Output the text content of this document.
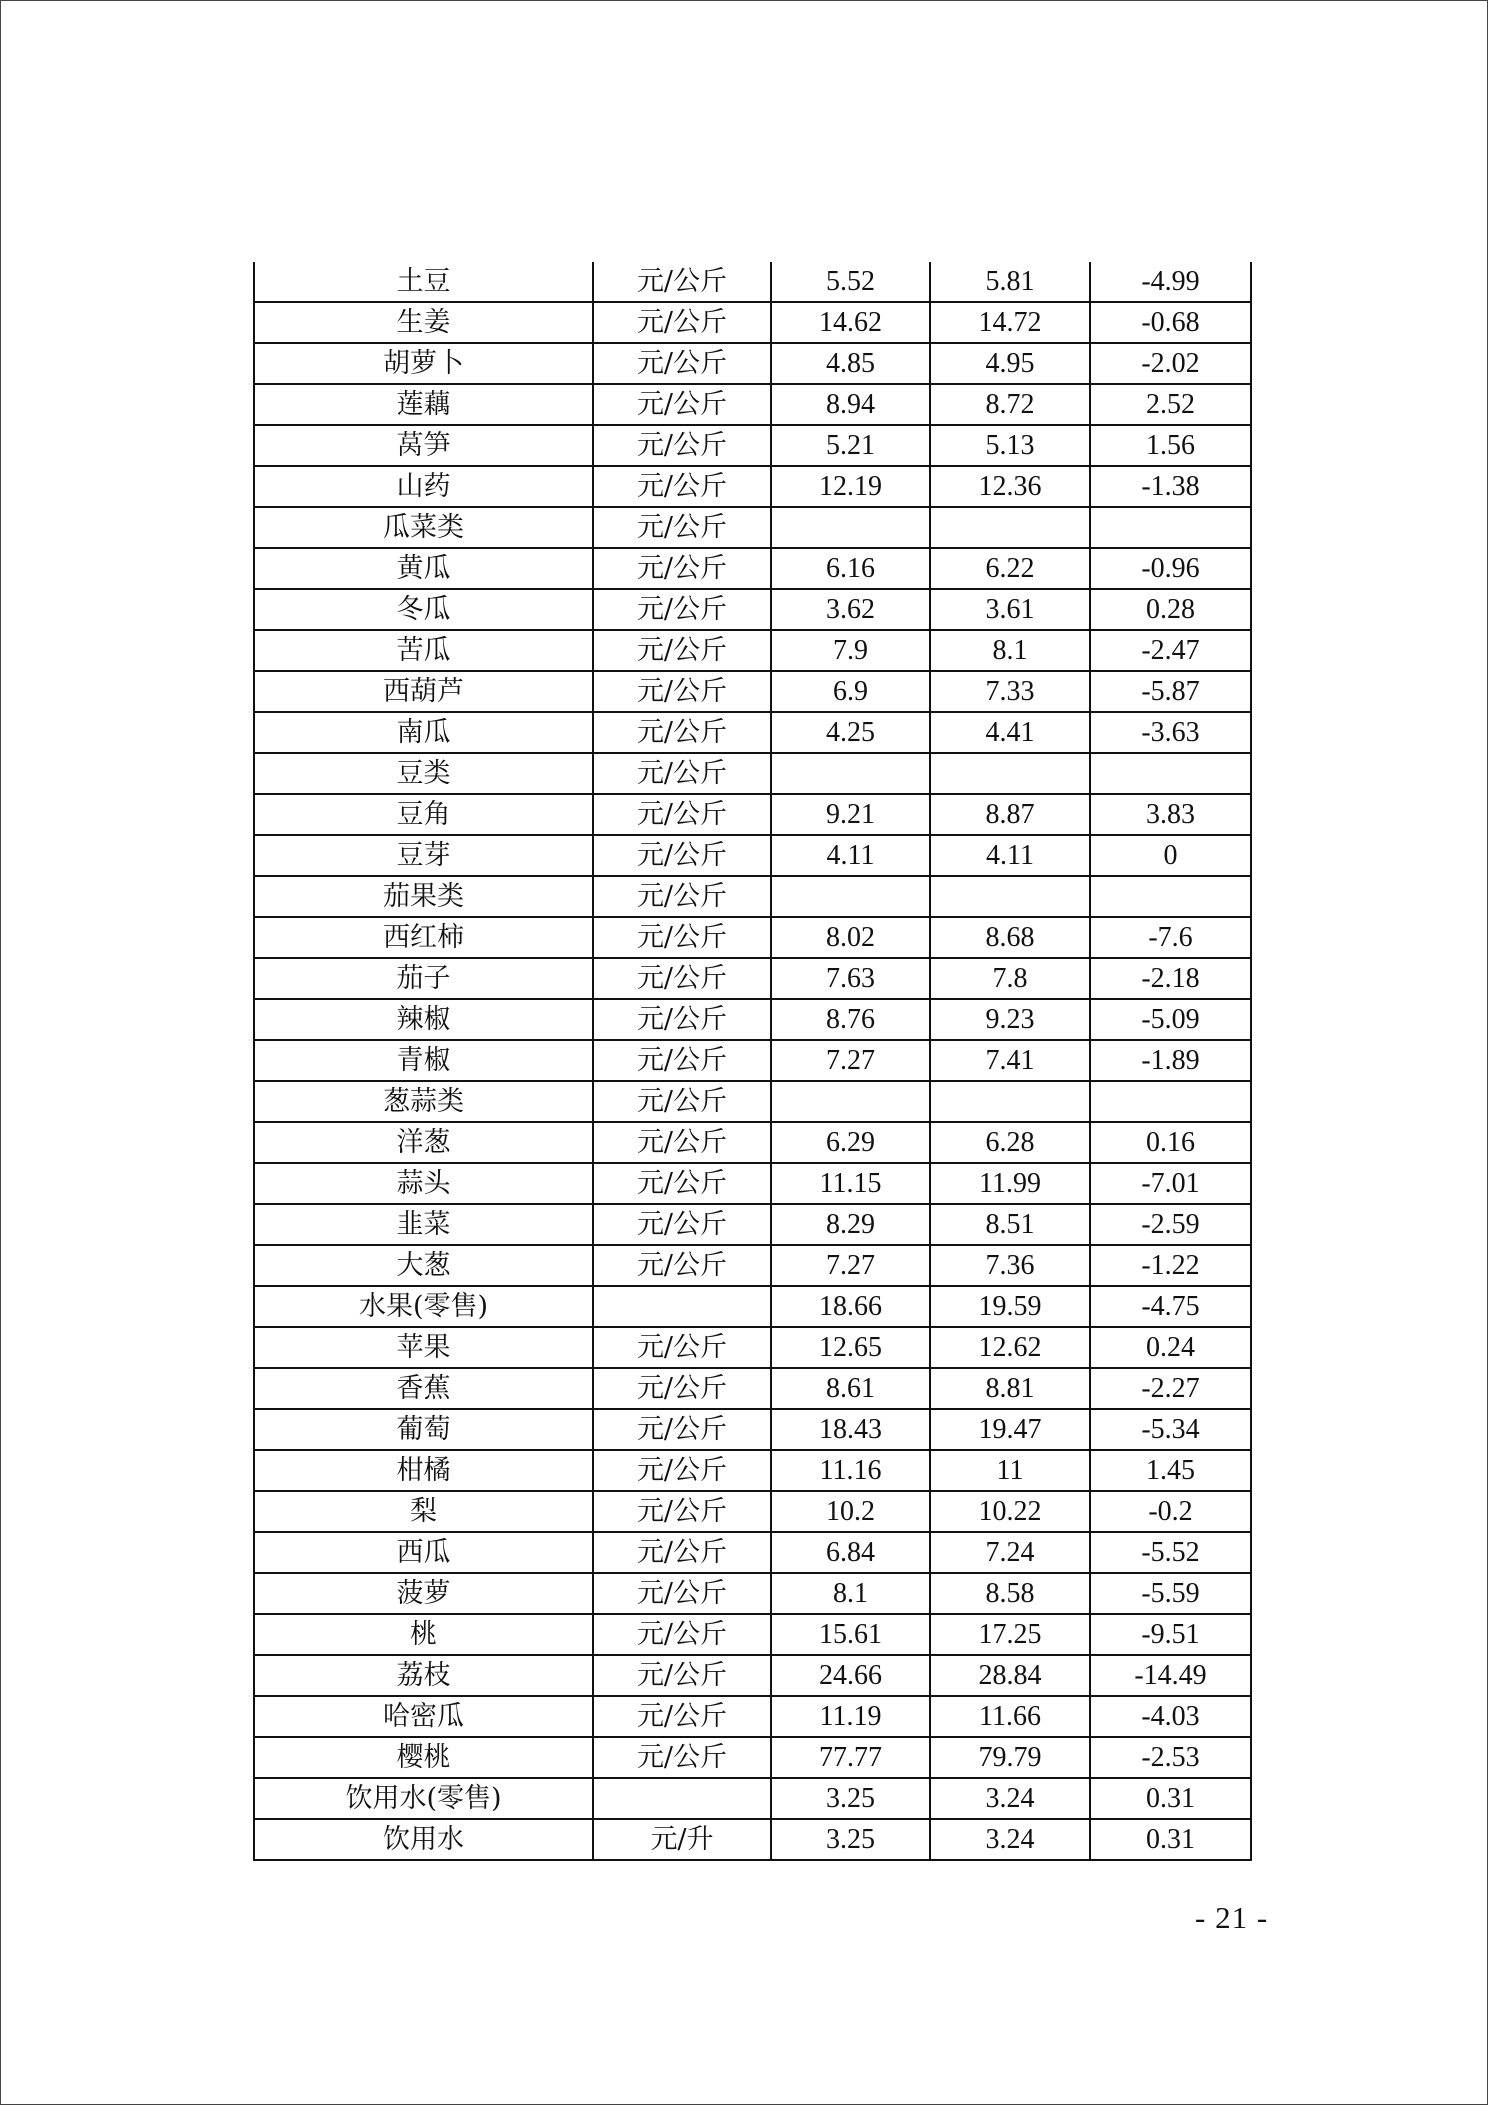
土豆	元/公斤	5.52	5.81	-4.99
生姜	元/公斤	14.62	14.72	-0.68
胡萝卜	元/公斤	4.85	4.95	-2.02
莲藕	元/公斤	8.94	8.72	2.52
莴笋	元/公斤	5.21	5.13	1.56
山药	元/公斤	12.19	12.36	-1.38
瓜菜类	元/公斤			
黄瓜	元/公斤	6.16	6.22	-0.96
冬瓜	元/公斤	3.62	3.61	0.28
苦瓜	元/公斤	7.9	8.1	-2.47
西葫芦	元/公斤	6.9	7.33	-5.87
南瓜	元/公斤	4.25	4.41	-3.63
豆类	元/公斤			
豆角	元/公斤	9.21	8.87	3.83
豆芽	元/公斤	4.11	4.11	0
茄果类	元/公斤			
西红柿	元/公斤	8.02	8.68	-7.6
茄子	元/公斤	7.63	7.8	-2.18
辣椒	元/公斤	8.76	9.23	-5.09
青椒	元/公斤	7.27	7.41	-1.89
葱蒜类	元/公斤			
洋葱	元/公斤	6.29	6.28	0.16
蒜头	元/公斤	11.15	11.99	-7.01
韭菜	元/公斤	8.29	8.51	-2.59
大葱	元/公斤	7.27	7.36	-1.22
水果(零售)		18.66	19.59	-4.75
苹果	元/公斤	12.65	12.62	0.24
香蕉	元/公斤	8.61	8.81	-2.27
葡萄	元/公斤	18.43	19.47	-5.34
柑橘	元/公斤	11.16	11	1.45
梨	元/公斤	10.2	10.22	-0.2
西瓜	元/公斤	6.84	7.24	-5.52
菠萝	元/公斤	8.1	8.58	-5.59
桃	元/公斤	15.61	17.25	-9.51
荔枝	元/公斤	24.66	28.84	-14.49
哈密瓜	元/公斤	11.19	11.66	-4.03
樱桃	元/公斤	77.77	79.79	-2.53
饮用水(零售)		3.25	3.24	0.31
饮用水	元/升	3.25	3.24	0.31
- 21 -
